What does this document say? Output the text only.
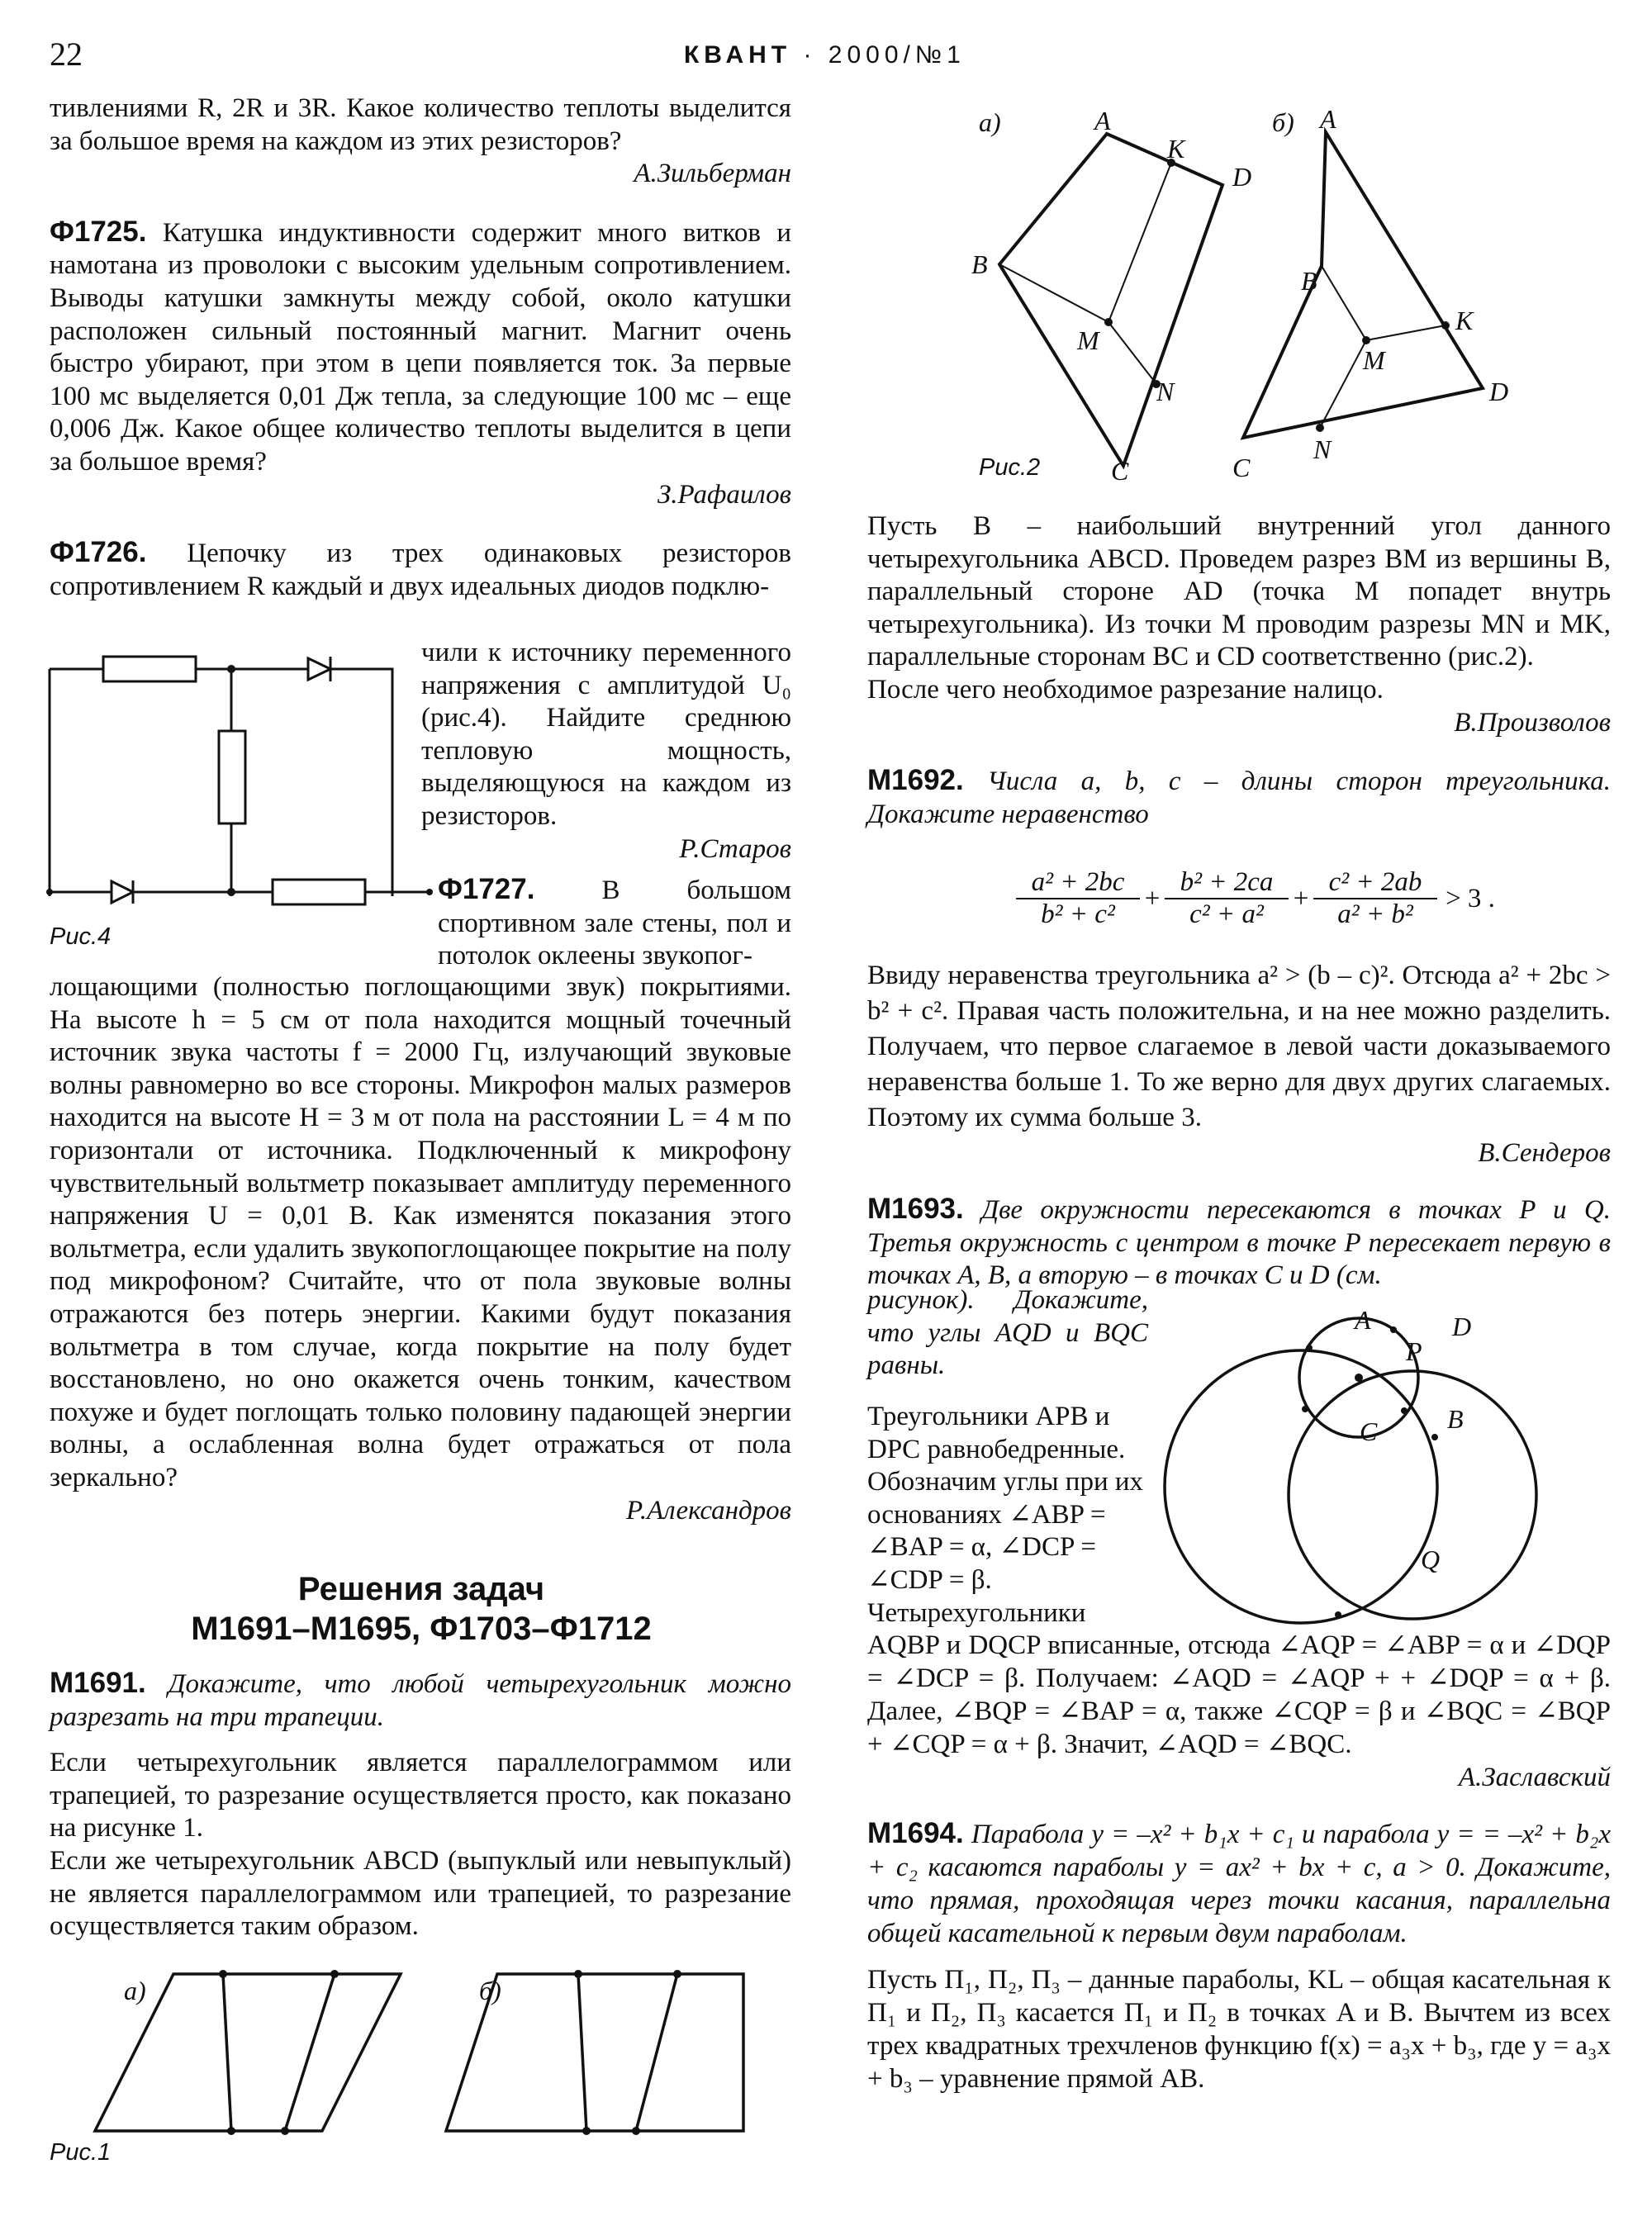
22	КВАНТ · 2000/№1

тивлениями R, 2R и 3R. Какое количество теплоты выделится за большое время на каждом из этих резисторов?

А.Зильберман

Ф1725. Катушка индуктивности содержит много витков и намотана из проволоки с высоким удельным сопротивлением. Выводы катушки замкнуты между собой, около катушки расположен сильный постоянный магнит. Магнит очень быстро убирают, при этом в цепи появляется ток. За первые 100 мс выделяется 0,01 Дж тепла, за следующие 100 мс – еще 0,006 Дж. Какое общее количество теплоты выделится в цепи за большое время?

З.Рафаилов

Ф1726. Цепочку из трех одинаковых резисторов сопротивлением R каждый и двух идеальных диодов подклю-

чили к источнику переменного напряжения с амплитудой U₀ (рис.4). Найдите среднюю тепловую мощность, выделяющуюся на каждом из резисторов.

Р.Старов

Рис.4

Ф1727. В большом спортивном зале стены, пол и потолок оклеены звукопог-

лощающими (полностью поглощающими звук) покрытиями. На высоте h = 5 см от пола находится мощный точечный источник звука частоты f = 2000 Гц, излучающий звуковые волны равномерно во все стороны. Микрофон малых размеров находится на высоте H = 3 м от пола на расстоянии L = 4 м по горизонтали от источника. Подключенный к микрофону чувствительный вольтметр показывает амплитуду переменного напряжения U = 0,01 В. Как изменятся показания этого вольтметра, если удалить звукопоглощающее покрытие на полу под микрофоном? Считайте, что от пола звуковые волны отражаются без потерь энергии. Какими будут показания вольтметра в том случае, когда покрытие на полу будет восстановлено, но оно окажется очень тонким, качеством похуже и будет поглощать только половину падающей энергии волны, а ослабленная волна будет отражаться от пола зеркально?

Р.Александров

Решения задач
М1691–М1695, Ф1703–Ф1712

М1691. Докажите, что любой четырехугольник можно разрезать на три трапеции.

Если четырехугольник является параллелограммом или трапецией, то разрезание осуществляется просто, как показано на рисунке 1.

Если же четырехугольник ABCD (выпуклый или невыпуклый) не является параллелограммом или трапецией, то разрезание осуществляется таким образом.

а)	б)
Рис.1
а)	б)
A
K
D
B
M
N
C
A
B
K
M
D
N
C
Рис.2

Пусть B – наибольший внутренний угол данного четырехугольника ABCD. Проведем разрез BM из вершины B, параллельный стороне AD (точка M попадет внутрь четырехугольника). Из точки M проводим разрезы MN и MK, параллельные сторонам BC и CD соответственно (рис.2).

После чего необходимое разрезание налицо.

В.Произволов

М1692. Числа a, b, c – длины сторон треугольника. Докажите неравенство

$\frac{\text{a² + 2bc}}{\text{b² + c²}} + \frac{\text{b² + 2ca}}{\text{c² + a²}} + \frac{\text{c² + 2ab}}{\text{a² + b²}} > 3$ .

Ввиду неравенства треугольника a² > (b – c)². Отсюда a² + 2bc > b² + c². Правая часть положительна, и на нее можно разделить. Получаем, что первое слагаемое в левой части доказываемого неравенства больше 1. То же верно для двух других слагаемых. Поэтому их сумма больше 3.

В.Сендеров

М1693. Две окружности пересекаются в точках P и Q. Третья окружность с центром в точке P пересекает первую в точках A, B, а вторую – в точках C и D (см.

рисунок). Докажите, что углы AQD и BQC равны.

Треугольники APB и DPC равнобедренные. Обозначим углы при их основаниях ∠ABP = ∠BAP = α, ∠DCP = ∠CDP = β. Четырехугольники

A	D
P
C	B
Q

AQBP и DQCP вписанные, отсюда ∠AQP = ∠ABP = α и ∠DQP = ∠DCP = β. Получаем: ∠AQD = ∠AQP + + ∠DQP = α + β. Далее, ∠BQP = ∠BAP = α, также ∠CQP = β и ∠BQC = ∠BQP + ∠CQP = α + β. Значит, ∠AQD = ∠BQC.

А.Заславский

М1694. Парабола y = –x² + b₁x + c₁ и парабола y = = –x² + b₂x + c₂ касаются параболы y = ax² + bx + c, a > 0. Докажите, что прямая, проходящая через точки касания, параллельна общей касательной к первым двум параболам.

Пусть Π₁, Π₂, Π₃ – данные параболы, KL – общая касательная к Π₁ и Π₂, Π₃ касается Π₁ и Π₂ в точках A и B. Вычтем из всех трех квадратных трехчленов функцию f(x) = a₃x + b₃, где y = a₃x + b₃ – уравнение прямой AB.
